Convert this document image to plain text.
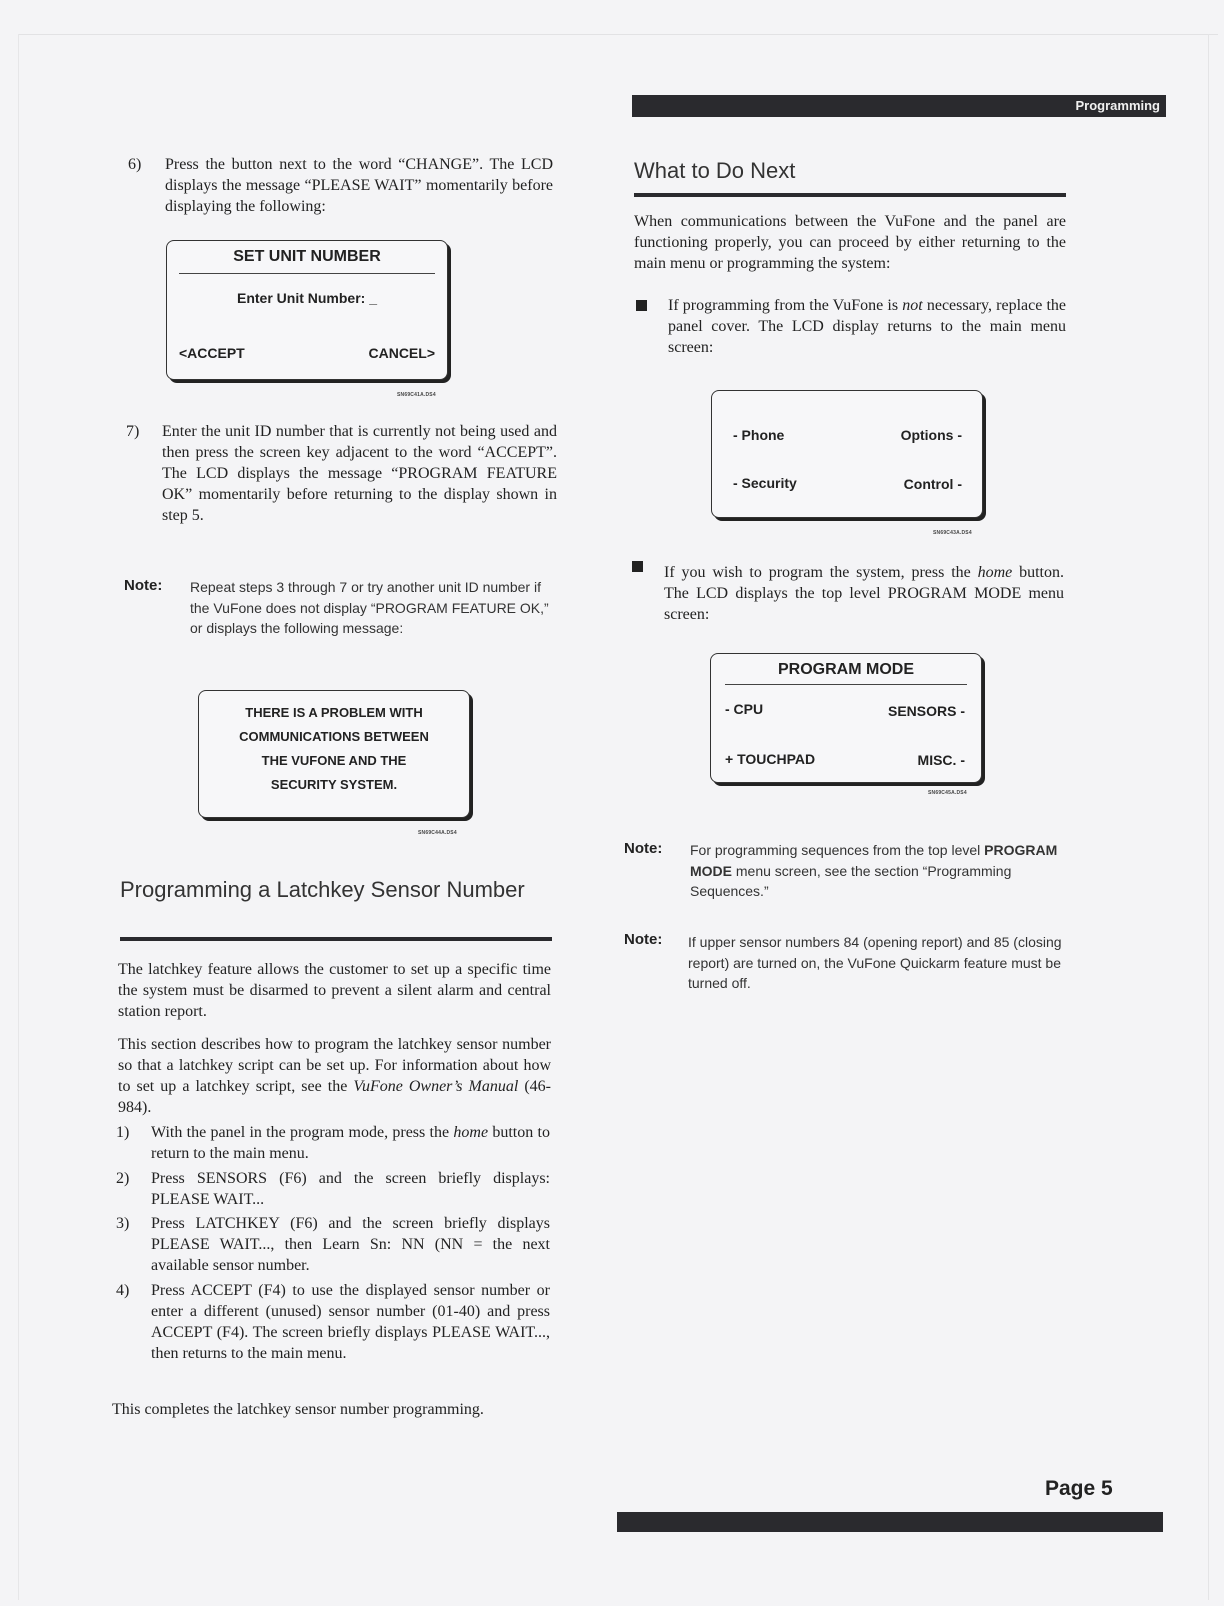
Programming
6) Press the button next to the word “CHANGE”. The LCD displays the message “PLEASE WAIT” momentarily before displaying the following:
SET UNIT NUMBER
Enter Unit Number: _
<ACCEPT	CANCEL>
SN69C41A.DS4
7) Enter the unit ID number that is currently not being used and then press the screen key adjacent to the word “ACCEPT”. The LCD displays the message “PROGRAM FEATURE OK” momentarily before returning to the display shown in step 5.
Note: Repeat steps 3 through 7 or try another unit ID number if the VuFone does not display “PROGRAM FEATURE OK,” or displays the following message:
THERE IS A PROBLEM WITH
COMMUNICATIONS BETWEEN
THE VUFONE AND THE
SECURITY SYSTEM.
SN69C44A.DS4
Programming a Latchkey Sensor Number
The latchkey feature allows the customer to set up a specific time the system must be disarmed to prevent a silent alarm and central station report.
This section describes how to program the latchkey sensor number so that a latchkey script can be set up. For information about how to set up a latchkey script, see the VuFone Owner’s Manual (46-984).
1) With the panel in the program mode, press the home button to return to the main menu.
2) Press SENSORS (F6) and the screen briefly displays: PLEASE WAIT...
3) Press LATCHKEY (F6) and the screen briefly displays PLEASE WAIT..., then Learn Sn: NN (NN = the next available sensor number.
4) Press ACCEPT (F4) to use the displayed sensor number or enter a different (unused) sensor number (01-40) and press ACCEPT (F4). The screen briefly displays PLEASE WAIT..., then returns to the main menu.
This completes the latchkey sensor number programming.
What to Do Next
When communications between the VuFone and the panel are functioning properly, you can proceed by either returning to the main menu or programming the system:
If programming from the VuFone is not necessary, replace the panel cover. The LCD display returns to the main menu screen:
- Phone	Options -
- Security	Control -
SN69C43A.DS4
If you wish to program the system, press the home button. The LCD displays the top level PROGRAM MODE menu screen:
PROGRAM MODE
- CPU	SENSORS -
+ TOUCHPAD	MISC. -
SN69C45A.DS4
Note: For programming sequences from the top level PROGRAM MODE menu screen, see the section “Programming Sequences.”
Note: If upper sensor numbers 84 (opening report) and 85 (closing report) are turned on, the VuFone Quickarm feature must be turned off.
Page 5
